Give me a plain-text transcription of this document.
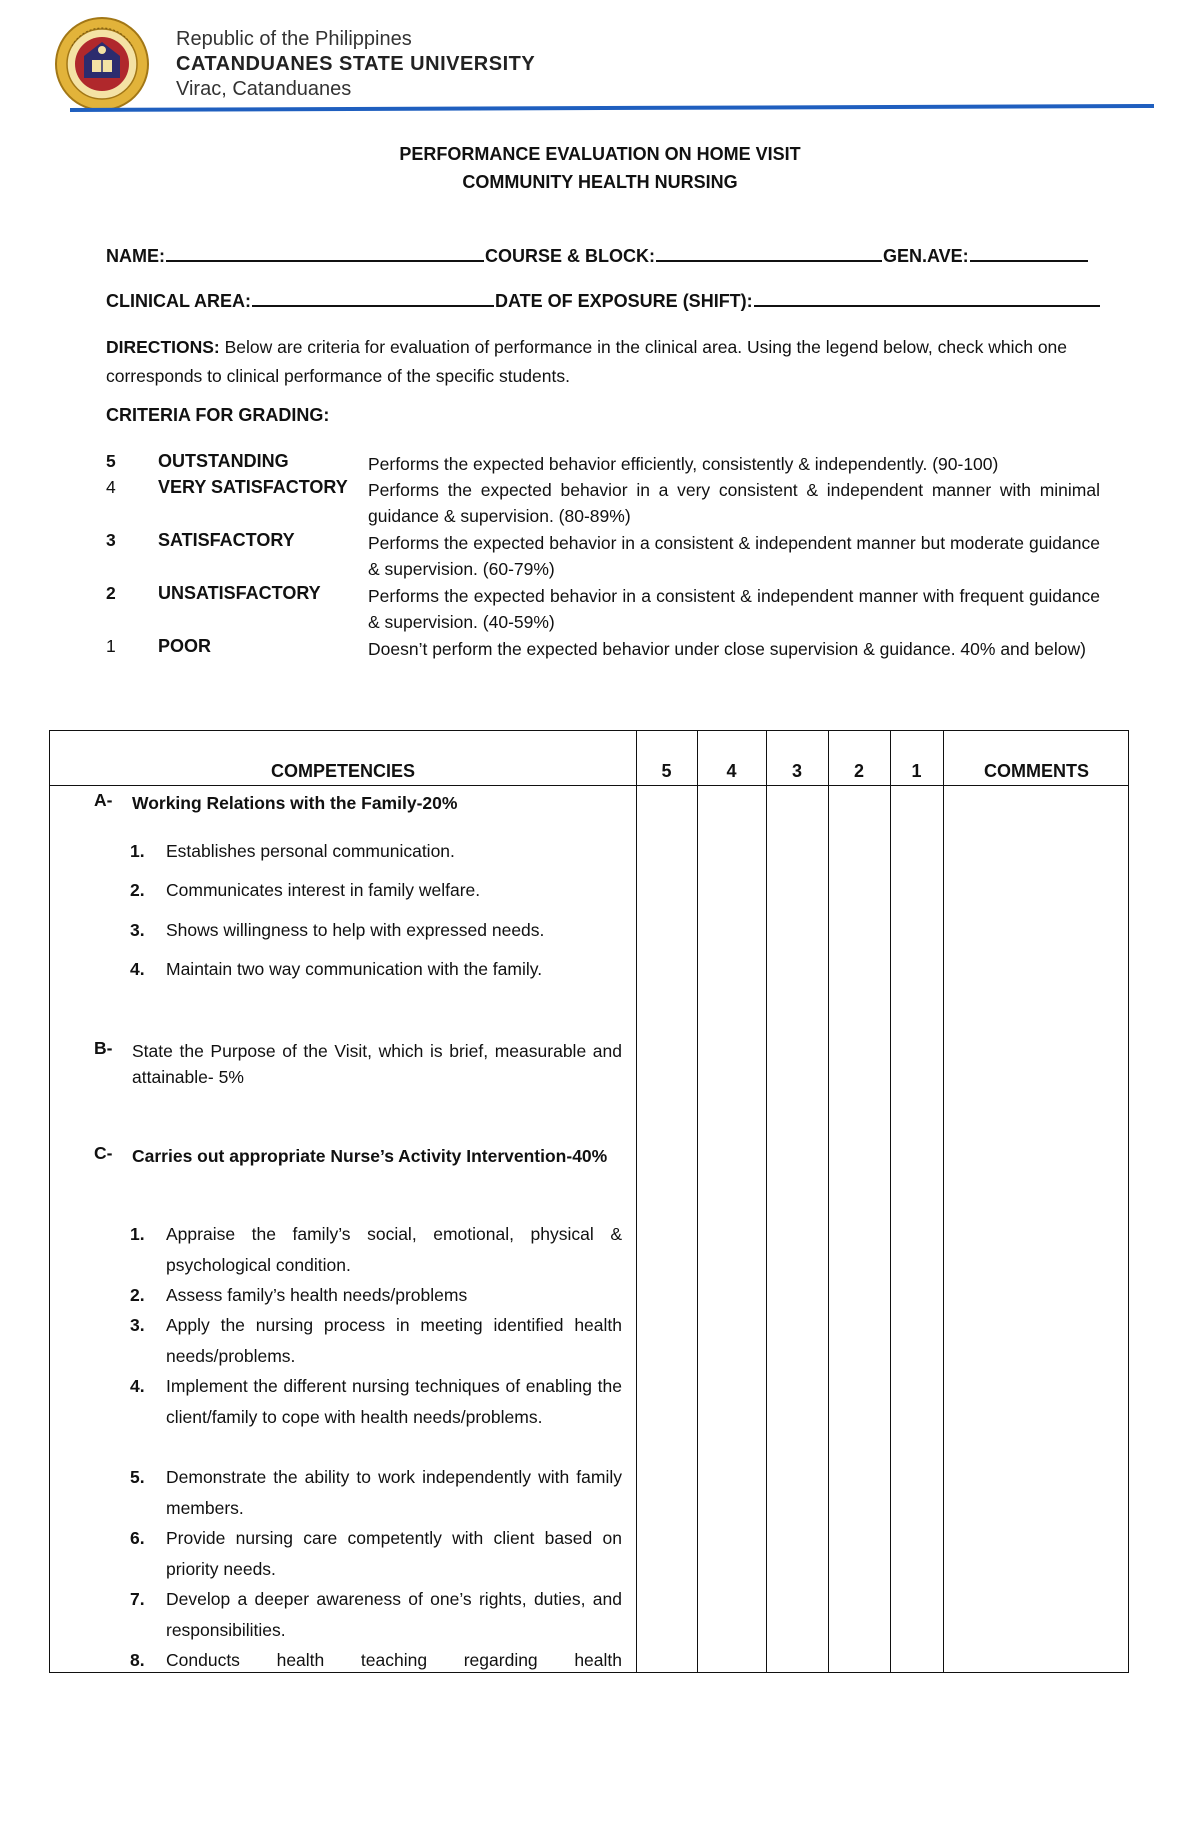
Republic of the Philippines
CATANDUANES STATE UNIVERSITY
Virac, Catanduanes
PERFORMANCE EVALUATION ON HOME VISIT
COMMUNITY HEALTH NURSING
NAME:	COURSE & BLOCK:	GEN.AVE:
CLINICAL AREA:	DATE OF EXPOSURE (SHIFT):
DIRECTIONS: Below are criteria for evaluation of performance in the clinical area. Using the legend below, check which one corresponds to clinical performance of the specific students.
CRITERIA FOR GRADING:
5 OUTSTANDING	Performs the expected behavior efficiently, consistently & independently. (90-100)
4 VERY SATISFACTORY Performs the expected behavior in a very consistent & independent manner with minimal guidance & supervision. (80-89%)
3 SATISFACTORY	Performs the expected behavior in a consistent & independent manner but moderate guidance & supervision. (60-79%)
2 UNSATISFACTORY	Performs the expected behavior in a consistent & independent manner with frequent guidance & supervision. (40-59%)
1 POOR	Doesn’t perform the expected behavior under close supervision & guidance. 40% and below)
COMPETENCIES	5	4	3	2	1	COMMENTS
A- Working Relations with the Family-20%
1. Establishes personal communication.
2. Communicates interest in family welfare.
3. Shows willingness to help with expressed needs.
4. Maintain two way communication with the family.
B- State the Purpose of the Visit, which is brief, measurable and attainable- 5%
C- Carries out appropriate Nurse’s Activity Intervention-40%
1. Appraise the family’s social, emotional, physical & psychological condition.
2. Assess family’s health needs/problems
3. Apply the nursing process in meeting identified health needs/problems.
4. Implement the different nursing techniques of enabling the client/family to cope with health needs/problems.
5. Demonstrate the ability to work independently with family members.
6. Provide nursing care competently with client based on priority needs.
7. Develop a deeper awareness of one’s rights, duties, and responsibilities.
8. Conducts health teaching regarding health
